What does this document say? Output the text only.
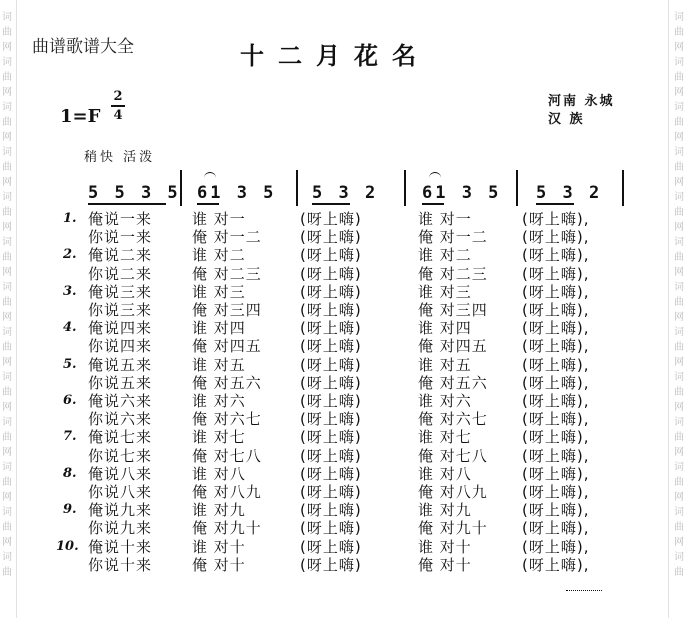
词
曲
网
词
曲
网
词
曲
网
词
曲
网
词
曲
网
词
曲
网
词
曲
网
词
曲
网
词
曲
网
词
曲
网
词
曲
网
词
曲
网
词
曲
词
曲
网
词
曲
网
词
曲
网
词
曲
网
词
曲
网
词
曲
网
词
曲
网
词
曲
网
词
曲
网
词
曲
网
词
曲
网
词
曲
网
词
曲
曲谱歌谱大全	十二月花名
河南 永城
汉 族
1=F
2
4
稍快 活泼
5 5 3 5 61 3 5 5 3 2	61 3 5 5 3 2
1. 俺说一来	谁 对一	(呀上嗨)	谁 对一	(呀上嗨),
你说一来	俺 对一二	(呀上嗨)	俺 对一二 (呀上嗨),
2. 俺说二来	谁 对二	(呀上嗨)	谁 对二	(呀上嗨),
你说二来	俺 对二三	(呀上嗨)	俺 对二三 (呀上嗨),
3. 俺说三来	谁 对三	(呀上嗨)	谁 对三	(呀上嗨),
你说三来	俺 对三四	(呀上嗨)	俺 对三四 (呀上嗨),
4. 俺说四来	谁 对四	(呀上嗨)	谁 对四	(呀上嗨),
你说四来	俺 对四五	(呀上嗨)	俺 对四五 (呀上嗨),
5. 俺说五来	谁 对五	(呀上嗨)	谁 对五	(呀上嗨),
你说五来	俺 对五六	(呀上嗨)	俺 对五六 (呀上嗨),
6. 俺说六来	谁 对六	(呀上嗨)	谁 对六	(呀上嗨),
你说六来	俺 对六七	(呀上嗨)	俺 对六七 (呀上嗨),
7. 俺说七来	谁 对七	(呀上嗨)	谁 对七	(呀上嗨),
你说七来	俺 对七八	(呀上嗨)	俺 对七八 (呀上嗨),
8. 俺说八来	谁 对八	(呀上嗨)	谁 对八	(呀上嗨),
你说八来	俺 对八九	(呀上嗨)	俺 对八九 (呀上嗨),
9. 俺说九来	谁 对九	(呀上嗨)	谁 对九	(呀上嗨),
你说九来	俺 对九十	(呀上嗨)	俺 对九十 (呀上嗨),
10. 俺说十来	谁 对十	(呀上嗨)	谁 对十	(呀上嗨),
你说十来	俺 对十	(呀上嗨)	俺 对十	(呀上嗨),
